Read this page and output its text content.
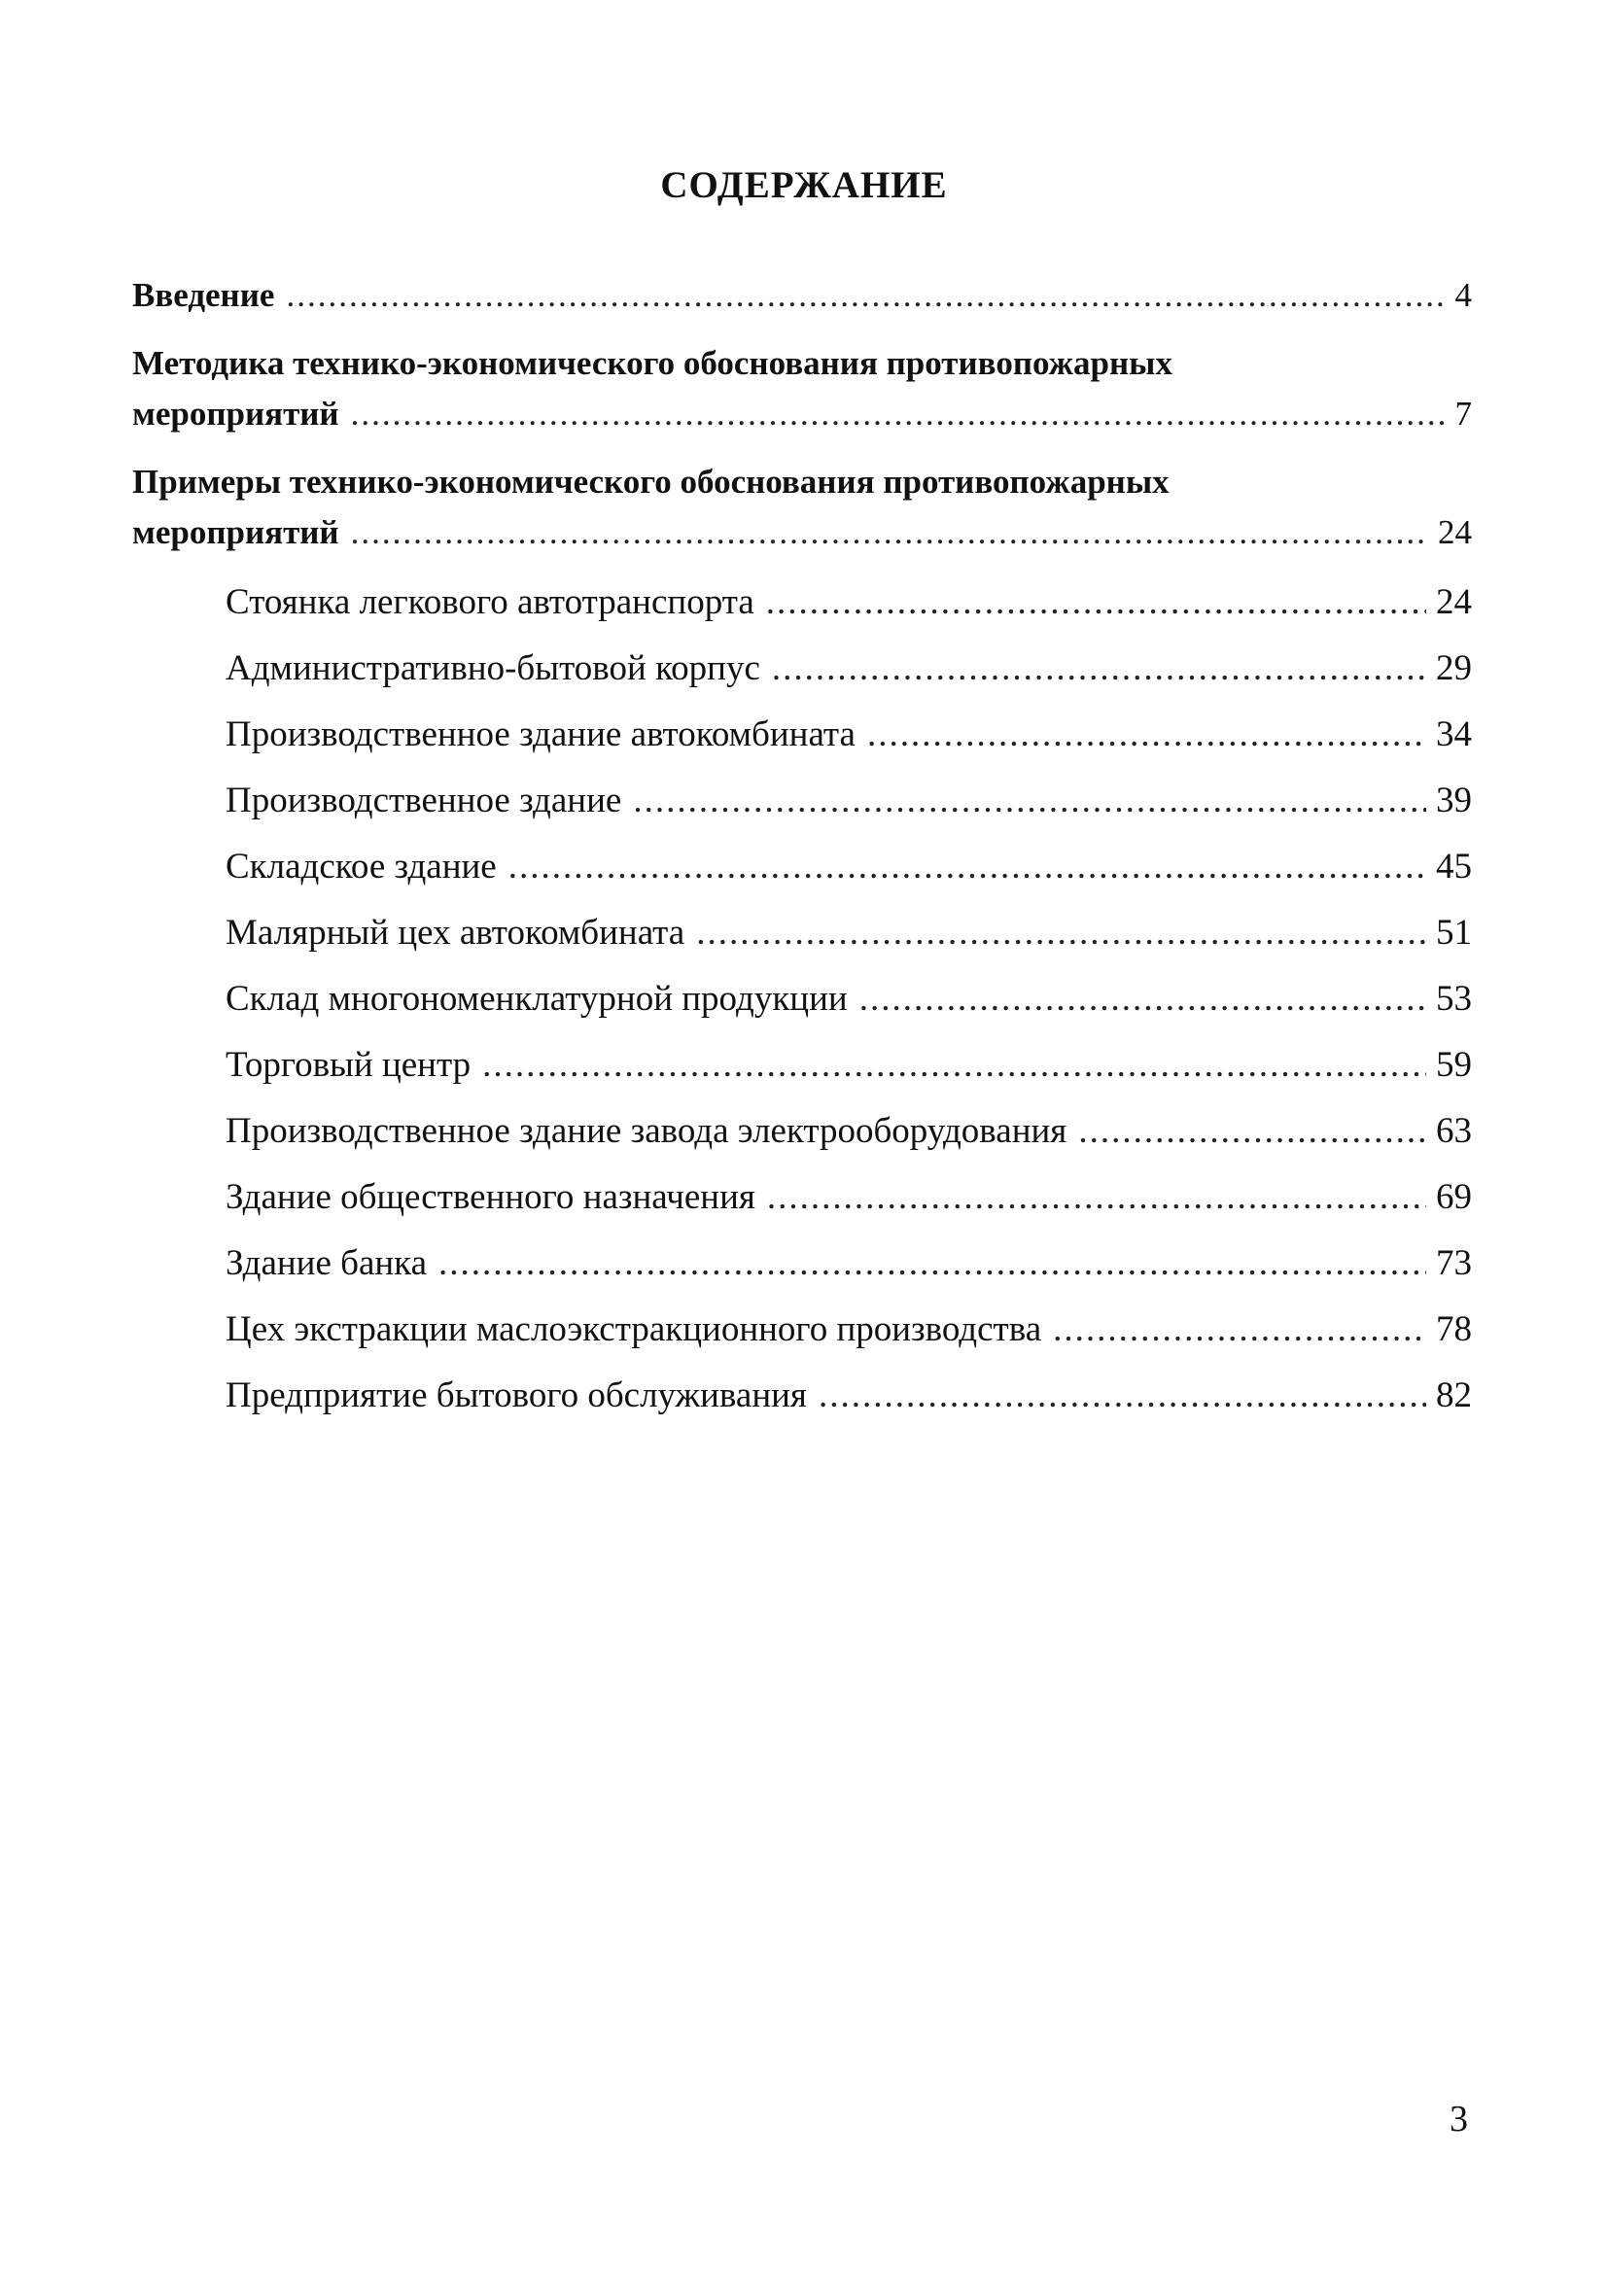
СОДЕРЖАНИЕ
Введение .....	4
Методика технико-экономического обоснования противопожарных
мероприятий .....	7
Примеры технико-экономического обоснования противопожарных
мероприятий .....	24
Стоянка легкового автотранспорта .....	24
Административно-бытовой корпус .....	29
Производственное здание автокомбината .....	34
Производственное здание .....	39
Складское здание .....	45
Малярный цех автокомбината .....	51
Склад многономенклатурной продукции .....	53
Торговый центр .....	59
Производственное здание завода электрооборудования .....	63
Здание общественного назначения .....	69
Здание банка .....	73
Цех экстракции маслоэкстракционного производства .....	78
Предприятие бытового обслуживания .....	82
3
